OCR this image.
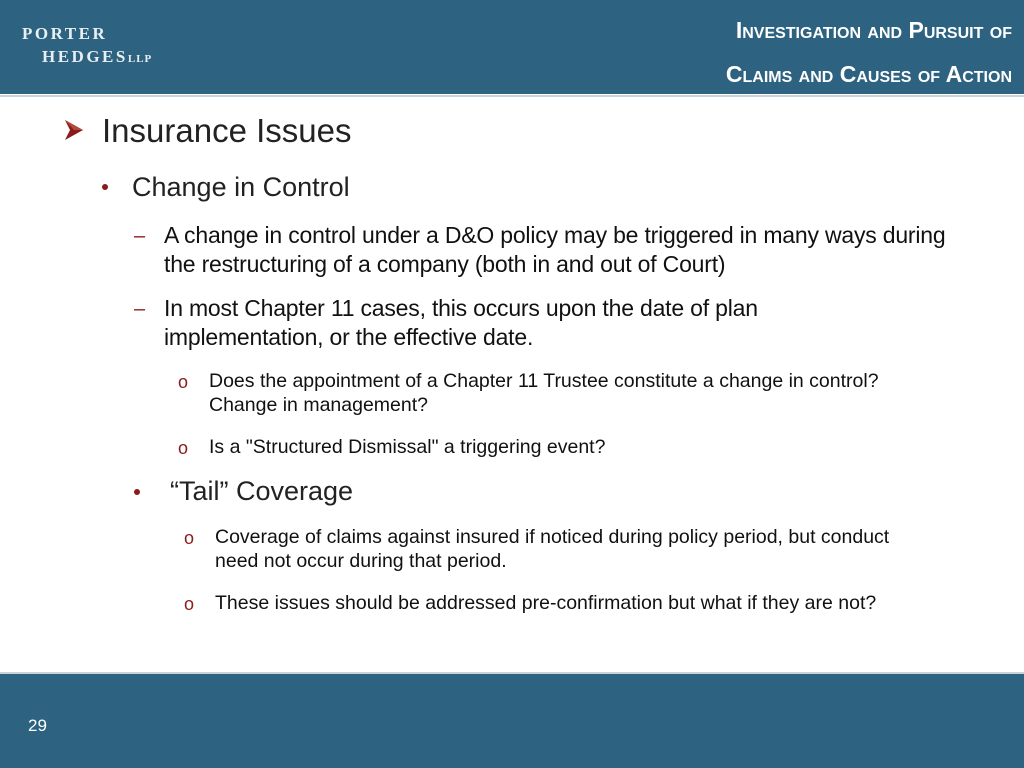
PORTER
HEDGESLLP
Investigation and Pursuit of
Claims and Causes of Action
Insurance Issues
Change in Control
– A change in control under a D&O policy may be triggered in many ways during the restructuring of a company (both in and out of Court)
– In most Chapter 11 cases, this occurs upon the date of plan implementation, or the effective date.
o Does the appointment of a Chapter 11 Trustee constitute a change in control? Change in management?
o Is a "Structured Dismissal" a triggering event?
“Tail” Coverage
o Coverage of claims against insured if noticed during policy period, but conduct need not occur during that period.
o These issues should be addressed pre-confirmation but what if they are not?
29
